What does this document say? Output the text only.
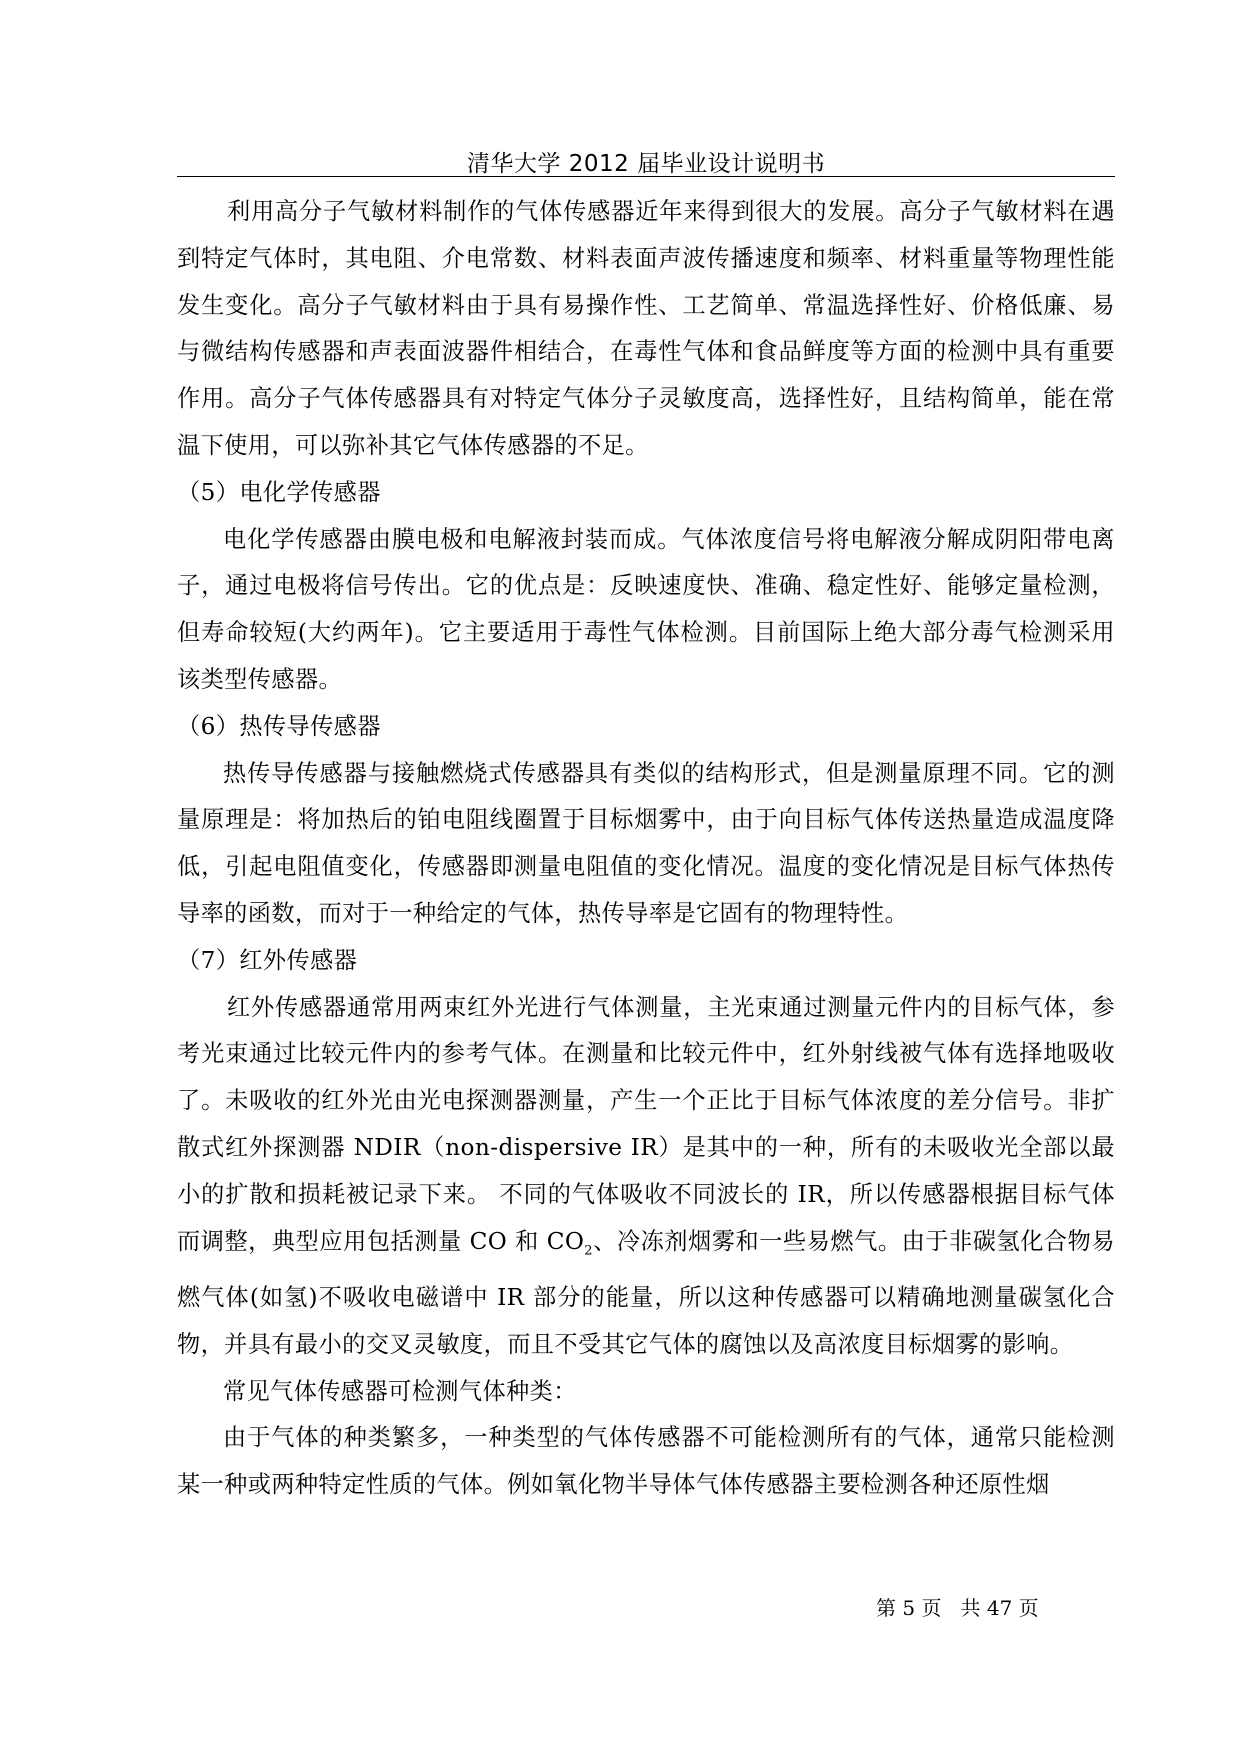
清华大学 2012 届毕业设计说明书

利用高分子气敏材料制作的气体传感器近年来得到很大的发展。高分子气敏材料在遇到特定气体时，其电阻、介电常数、材料表面声波传播速度和频率、材料重量等物理性能发生变化。高分子气敏材料由于具有易操作性、工艺简单、常温选择性好、价格低廉、易与微结构传感器和声表面波器件相结合，在毒性气体和食品鲜度等方面的检测中具有重要作用。高分子气体传感器具有对特定气体分子灵敏度高，选择性好，且结构简单，能在常温下使用，可以弥补其它气体传感器的不足。

（5）电化学传感器

电化学传感器由膜电极和电解液封装而成。气体浓度信号将电解液分解成阴阳带电离子，通过电极将信号传出。它的优点是：反映速度快、准确、稳定性好、能够定量检测，但寿命较短(大约两年)。它主要适用于毒性气体检测。目前国际上绝大部分毒气检测采用该类型传感器。

（6）热传导传感器

热传导传感器与接触燃烧式传感器具有类似的结构形式，但是测量原理不同。它的测量原理是：将加热后的铂电阻线圈置于目标烟雾中，由于向目标气体传送热量造成温度降低，引起电阻值变化，传感器即测量电阻值的变化情况。温度的变化情况是目标气体热传导率的函数，而对于一种给定的气体，热传导率是它固有的物理特性。

（7）红外传感器

红外传感器通常用两束红外光进行气体测量，主光束通过测量元件内的目标气体，参考光束通过比较元件内的参考气体。在测量和比较元件中，红外射线被气体有选择地吸收了。未吸收的红外光由光电探测器测量，产生一个正比于目标气体浓度的差分信号。非扩散式红外探测器 NDIR（non-dispersive IR）是其中的一种，所有的未吸收光全部以最小的扩散和损耗被记录下来。 不同的气体吸收不同波长的 IR，所以传感器根据目标气体而调整，典型应用包括测量 CO 和 $CO_2$、冷冻剂烟雾和一些易燃气。由于非碳氢化合物易燃气体(如氢)不吸收电磁谱中 IR 部分的能量，所以这种传感器可以精确地测量碳氢化合物，并具有最小的交叉灵敏度，而且不受其它气体的腐蚀以及高浓度目标烟雾的影响。

常见气体传感器可检测气体种类：

由于气体的种类繁多，一种类型的气体传感器不可能检测所有的气体，通常只能检测某一种或两种特定性质的气体。例如氧化物半导体气体传感器主要检测各种还原性烟

第 5 页   共 47 页
